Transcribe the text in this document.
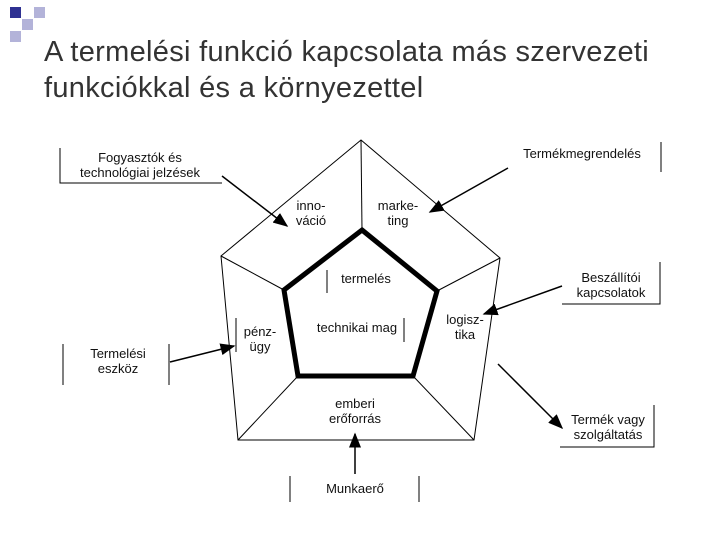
A termelési funkció kapcsolata más szervezeti funkciókkal és a környezettel
Fogyasztók és
technológiai jelzések
Termékmegrendelés
inno-
váció
marke-
ting
termelés
technikai mag
Beszállítói
kapcsolatok
logisz-
tika
pénz-
ügy
Termelési
eszköz
emberi
erőforrás	Termék vagy
szolgáltatás
Munkaerő
